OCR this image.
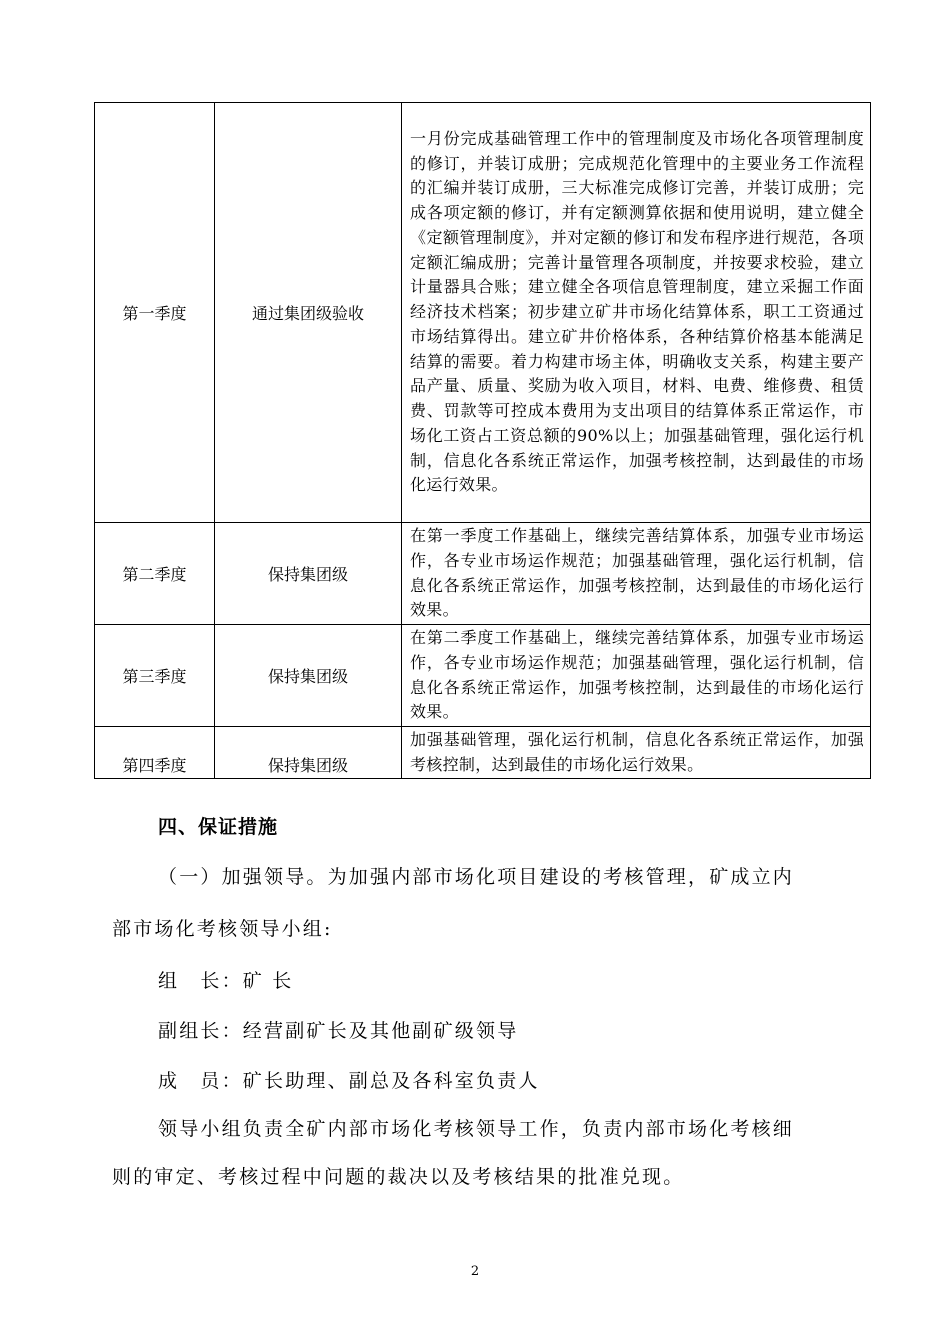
第一季度	通过集团级验收	一月份完成基础管理工作中的管理制度及市场化各项管理制度的修订，并装订成册；完成规范化管理中的主要业务工作流程的汇编并装订成册，三大标准完成修订完善，并装订成册；完成各项定额的修订，并有定额测算依据和使用说明，建立健全《定额管理制度》，并对定额的修订和发布程序进行规范，各项定额汇编成册；完善计量管理各项制度，并按要求校验，建立计量器具合账；建立健全各项信息管理制度，建立采掘工作面经济技术档案；初步建立矿井市场化结算体系，职工工资通过市场结算得出。建立矿井价格体系，各种结算价格基本能满足结算的需要。着力构建市场主体，明确收支关系，构建主要产品产量、质量、奖励为收入项目，材料、电费、维修费、租赁费、罚款等可控成本费用为支出项目的结算体系正常运作，市场化工资占工资总额的90%以上；加强基础管理，强化运行机制，信息化各系统正常运作，加强考核控制，达到最佳的市场化运行效果。
第二季度	保持集团级	在第一季度工作基础上，继续完善结算体系，加强专业市场运作，各专业市场运作规范；加强基础管理，强化运行机制，信息化各系统正常运作，加强考核控制，达到最佳的市场化运行效果。
第三季度	保持集团级	在第二季度工作基础上，继续完善结算体系，加强专业市场运作，各专业市场运作规范；加强基础管理，强化运行机制，信息化各系统正常运作，加强考核控制，达到最佳的市场化运行效果。
第四季度	保持集团级	加强基础管理，强化运行机制，信息化各系统正常运作，加强考核控制，达到最佳的市场化运行效果。

四、保证措施

（一）加强领导。为加强内部市场化项目建设的考核管理，矿成立内

部市场化考核领导小组:

组　长：矿 长

副组长：经营副矿长及其他副矿级领导

成　员：矿长助理、副总及各科室负责人

领导小组负责全矿内部市场化考核领导工作，负责内部市场化考核细

则的审定、考核过程中问题的裁决以及考核结果的批准兑现。

2
